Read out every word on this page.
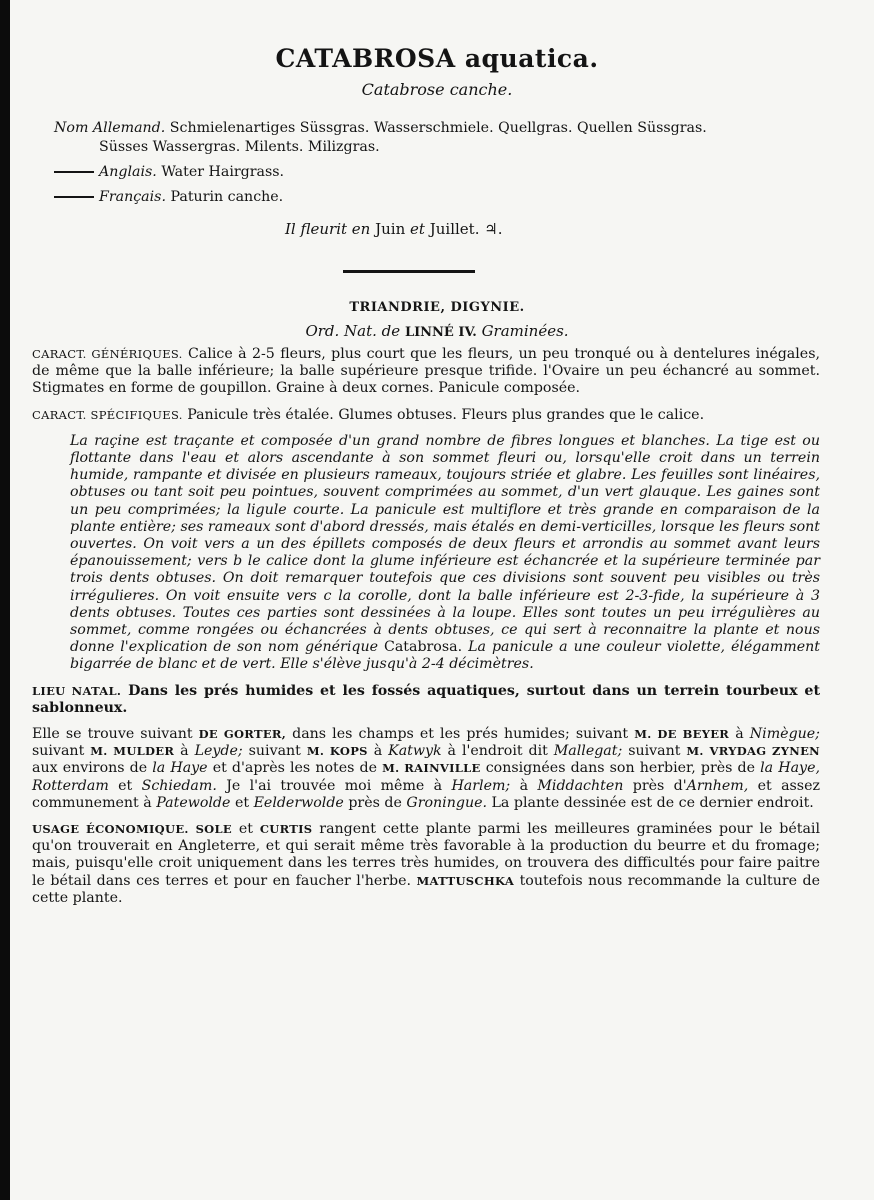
CATABROSA aquatica.
Catabrose canche.
Nom Allemand. Schmielenartiges Süssgras. Wasserschmiele. Quellgras. Quellen Süssgras.
Süsses Wassergras. Milents. Milizgras.
Anglais. Water Hairgrass.
Français. Paturin canche.
Il fleurit en Juin et Juillet. ♃.
TRIANDRIE, DIGYNIE.
Ord. Nat. de LINNÉ IV. Graminées.

CARACT. GÉNÉRIQUES. Calice à 2-5 fleurs, plus court que les fleurs, un peu tronqué ou à dentelures inégales, de même que la balle inférieure; la balle supérieure presque trifide. l'Ovaire un peu échancré au sommet. Stigmates en forme de goupillon. Graine à deux cornes. Panicule composée.

CARACT. SPÉCIFIQUES. Panicule très étalée. Glumes obtuses. Fleurs plus grandes que le calice.

La raçine est traçante et composée d'un grand nombre de fibres longues et blanches. La tige est ou flottante dans l'eau et alors ascendante à son sommet fleuri ou, lorsqu'elle croit dans un terrein humide, rampante et divisée en plusieurs rameaux, toujours striée et glabre. Les feuilles sont linéaires, obtuses ou tant soit peu pointues, souvent comprimées au sommet, d'un vert glauque. Les gaines sont un peu comprimées; la ligule courte. La panicule est multiflore et très grande en comparaison de la plante entière; ses rameaux sont d'abord dressés, mais étalés en demi-verticilles, lorsque les fleurs sont ouvertes. On voit vers a un des épillets composés de deux fleurs et arrondis au sommet avant leurs épanouissement; vers b le calice dont la glume inférieure est échancrée et la supérieure terminée par trois dents obtuses. On doit remarquer toutefois que ces divisions sont souvent peu visibles ou très irrégulieres. On voit ensuite vers c la corolle, dont la balle inférieure est 2-3-fide, la supérieure à 3 dents obtuses. Toutes ces parties sont dessinées à la loupe. Elles sont toutes un peu irrégulières au sommet, comme rongées ou échancrées à dents obtuses, ce qui sert à reconnaitre la plante et nous donne l'explication de son nom générique Catabrosa. La panicule a une couleur violette, élégamment bigarrée de blanc et de vert. Elle s'élève jusqu'à 2-4 décimètres.

LIEU NATAL. Dans les prés humides et les fossés aquatiques, surtout dans un terrein tourbeux et sablonneux.

Elle se trouve suivant DE GORTER, dans les champs et les prés humides; suivant M. DE BEYER à Nimègue; suivant M. MULDER à Leyde; suivant M. KOPS à Katwyk à l'endroit dit Mallegat; suivant M. VRYDAG ZYNEN aux environs de la Haye et d'après les notes de M. RAINVILLE consignées dans son herbier, près de la Haye, Rotterdam et Schiedam. Je l'ai trouvée moi même à Harlem; à Middachten près d'Arnhem, et assez communement à Patewolde et Eelderwolde près de Groningue. La plante dessinée est de ce dernier endroit.

USAGE ÉCONOMIQUE. SOLE et CURTIS rangent cette plante parmi les meilleures graminées pour le bétail qu'on trouverait en Angleterre, et qui serait même très favorable à la production du beurre et du fromage; mais, puisqu'elle croit uniquement dans les terres très humides, on trouvera des difficultés pour faire paitre le bétail dans ces terres et pour en faucher l'herbe. MATTUSCHKA toutefois nous recommande la culture de cette plante.
